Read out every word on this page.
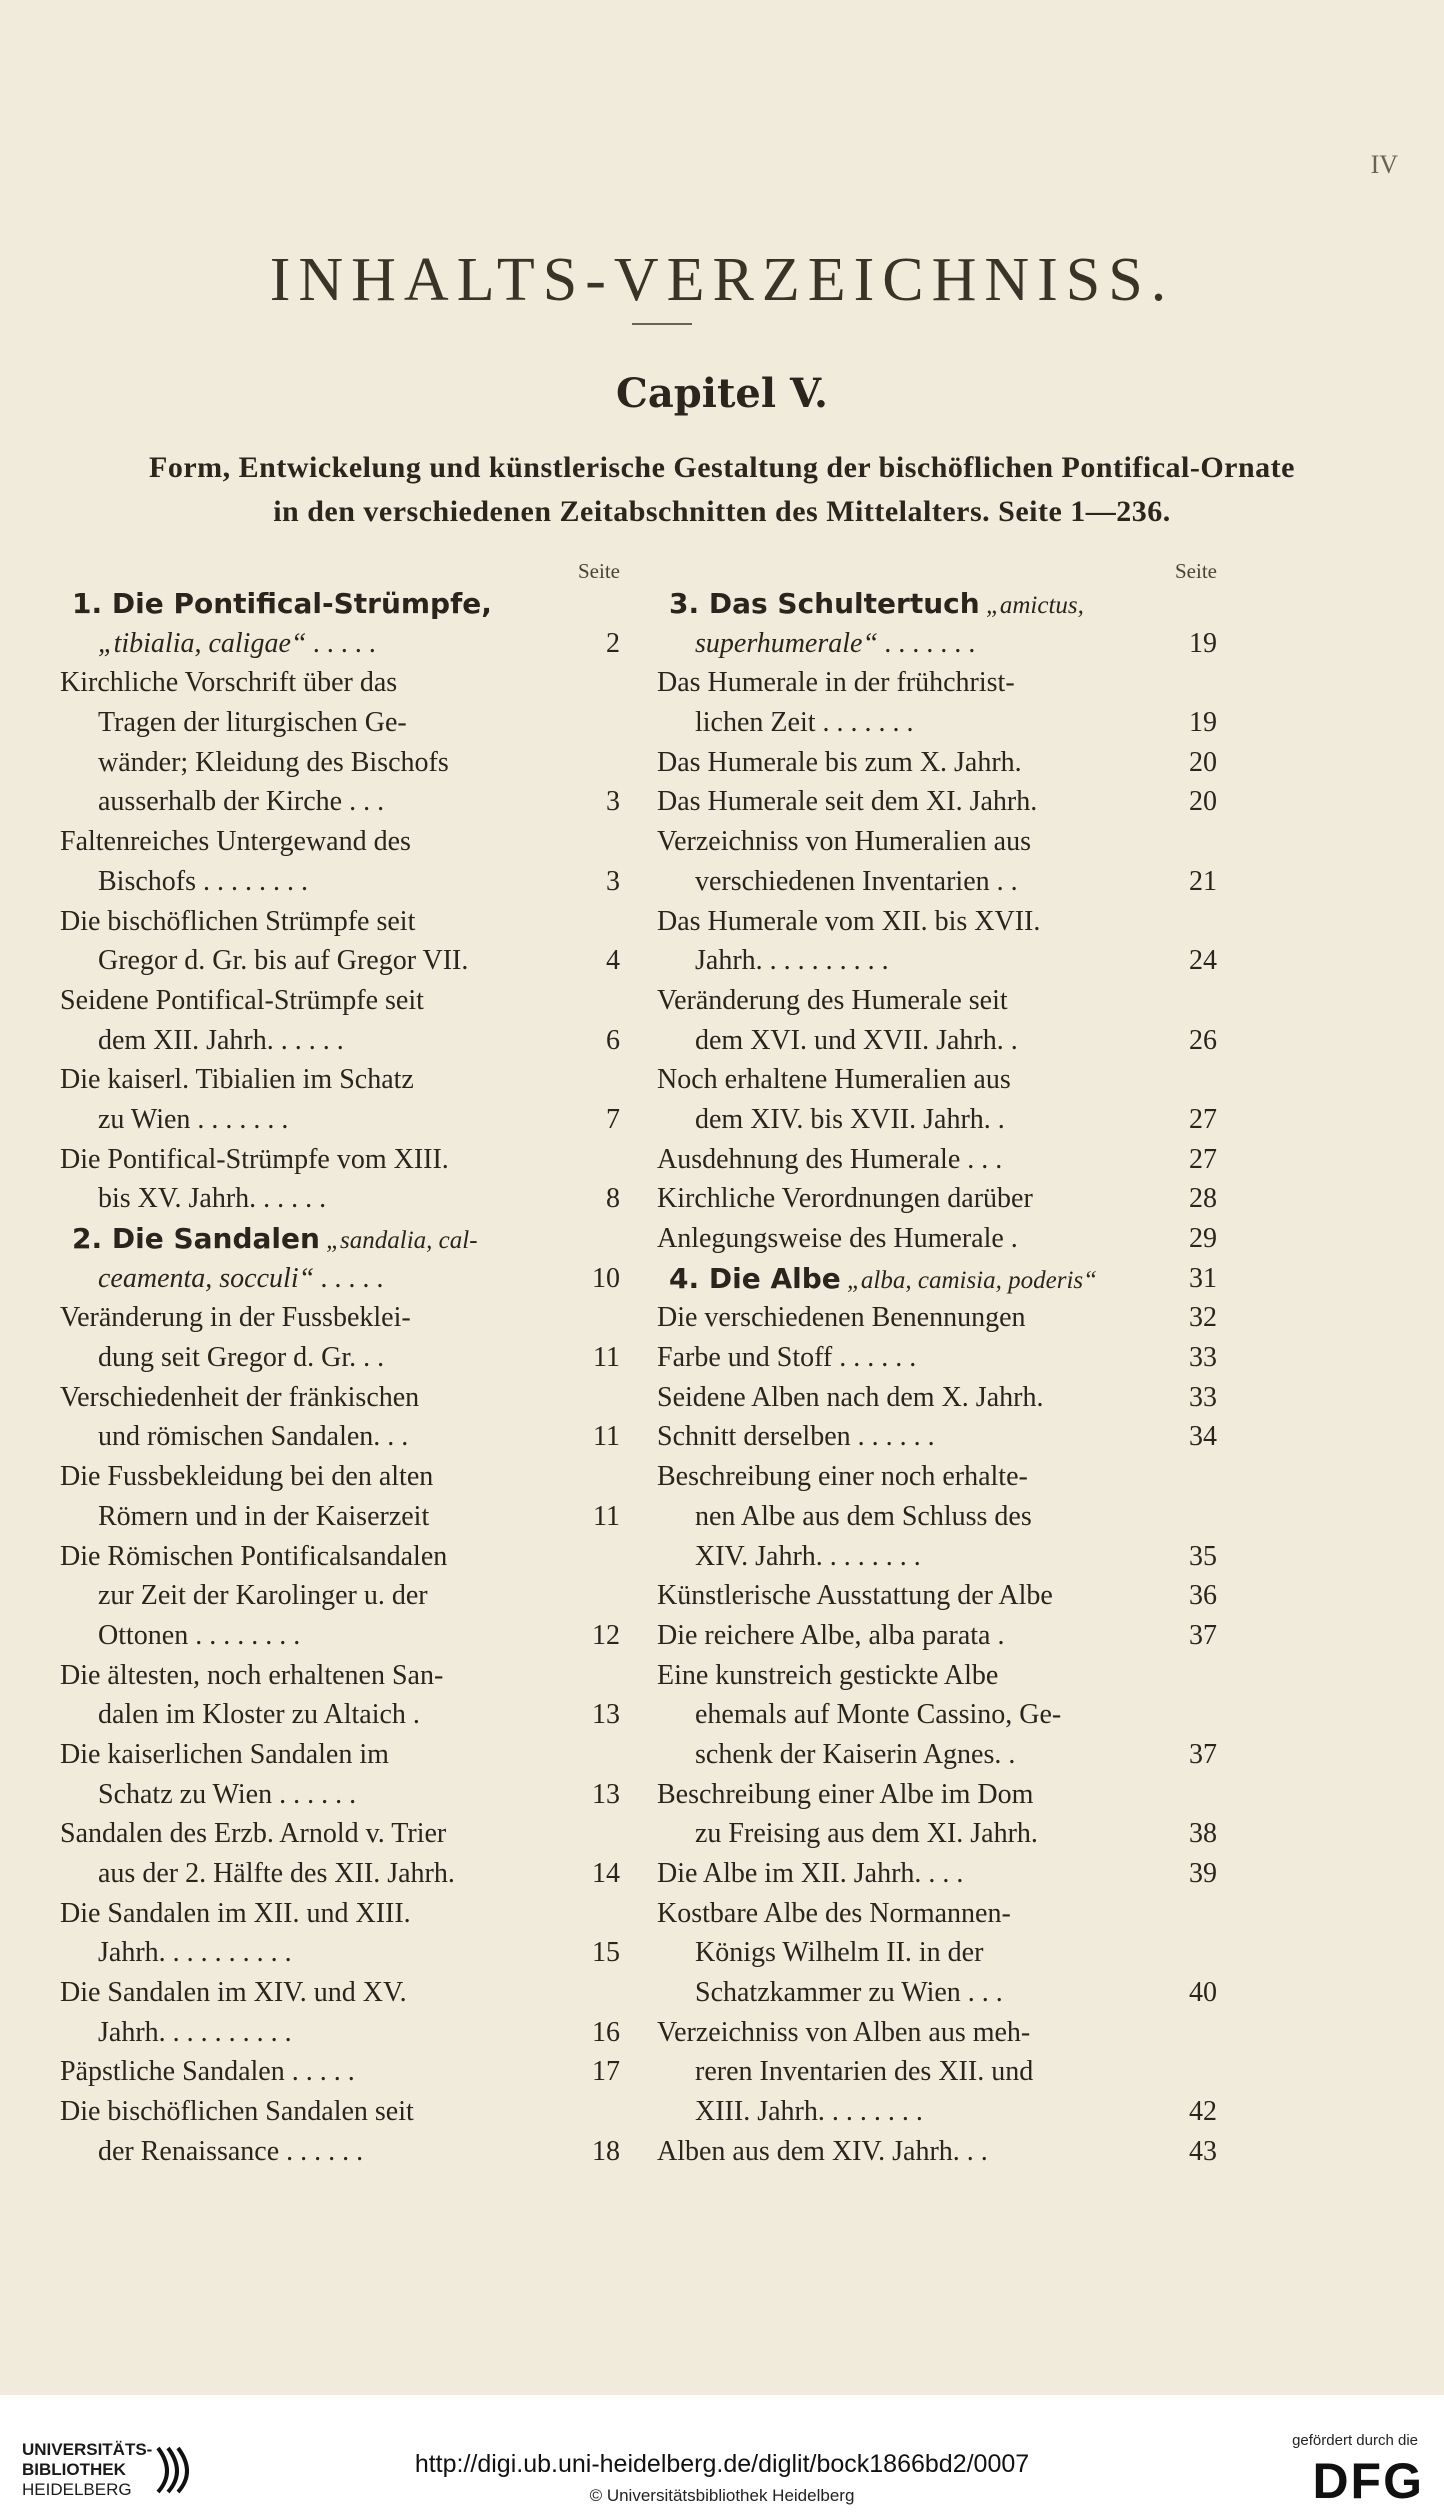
IV
INHALTS-VERZEICHNISS.
Capitel V.
Form, Entwickelung und künstlerische Gestaltung der bischöflichen Pontifical-Ornate
in den verschiedenen Zeitabschnitten des Mittelalters. Seite 1—236.
Seite
1. Die Pontifical-Strümpfe,
„tibialia, caligae“ . . . . .	2
Kirchliche Vorschrift über das
Tragen der liturgischen Ge-
wänder; Kleidung des Bischofs
ausserhalb der Kirche . . .	3
Faltenreiches Untergewand des
Bischofs . . . . . . . .	3
Die bischöflichen Strümpfe seit
Gregor d. Gr. bis auf Gregor VII.	4
Seidene Pontifical-Strümpfe seit
dem XII. Jahrh. . . . . .	6
Die kaiserl. Tibialien im Schatz
zu Wien . . . . . . .	7
Die Pontifical-Strümpfe vom XIII.
bis XV. Jahrh. . . . . .	8
2. Die Sandalen „sandalia, cal-
ceamenta, socculi“ . . . . .	10
Veränderung in der Fussbeklei-
dung seit Gregor d. Gr. . .	11
Verschiedenheit der fränkischen
und römischen Sandalen. . .	11
Die Fussbekleidung bei den alten
Römern und in der Kaiserzeit	11
Die Römischen Pontificalsandalen
zur Zeit der Karolinger u. der
Ottonen . . . . . . . .	12
Die ältesten, noch erhaltenen San-
dalen im Kloster zu Altaich .	13
Die kaiserlichen Sandalen im
Schatz zu Wien . . . . . .	13
Sandalen des Erzb. Arnold v. Trier
aus der 2. Hälfte des XII. Jahrh.	14
Die Sandalen im XII. und XIII.
Jahrh. . . . . . . . . .	15
Die Sandalen im XIV. und XV.
Jahrh. . . . . . . . . .	16
Päpstliche Sandalen . . . . .	17
Die bischöflichen Sandalen seit
der Renaissance . . . . . .	18
Seite
3. Das Schultertuch „amictus,
superhumerale“ . . . . . . .	19
Das Humerale in der frühchrist-
lichen Zeit . . . . . . .	19
Das Humerale bis zum X. Jahrh.	20
Das Humerale seit dem XI. Jahrh.	20
Verzeichniss von Humeralien aus
verschiedenen Inventarien . .	21
Das Humerale vom XII. bis XVII.
Jahrh. . . . . . . . . .	24
Veränderung des Humerale seit
dem XVI. und XVII. Jahrh. .	26
Noch erhaltene Humeralien aus
dem XIV. bis XVII. Jahrh. .	27
Ausdehnung des Humerale . . .	27
Kirchliche Verordnungen darüber	28
Anlegungsweise des Humerale .	29
4. Die Albe „alba, camisia, poderis“	31
Die verschiedenen Benennungen	32
Farbe und Stoff . . . . . .	33
Seidene Alben nach dem X. Jahrh.	33
Schnitt derselben . . . . . .	34
Beschreibung einer noch erhalte-
nen Albe aus dem Schluss des
XIV. Jahrh. . . . . . . .	35
Künstlerische Ausstattung der Albe	36
Die reichere Albe, alba parata .	37
Eine kunstreich gestickte Albe
ehemals auf Monte Cassino, Ge-
schenk der Kaiserin Agnes. .	37
Beschreibung einer Albe im Dom
zu Freising aus dem XI. Jahrh.	38
Die Albe im XII. Jahrh. . . .	39
Kostbare Albe des Normannen-
Königs Wilhelm II. in der
Schatzkammer zu Wien . . .	40
Verzeichniss von Alben aus meh-
reren Inventarien des XII. und
XIII. Jahrh. . . . . . . .	42
Alben aus dem XIV. Jahrh. . .	43
UNIVERSITÄTS-
BIBLIOTHEK
HEIDELBERG
http://digi.ub.uni-heidelberg.de/diglit/bock1866bd2/0007
© Universitätsbibliothek Heidelberg
gefördert durch die
DFG
